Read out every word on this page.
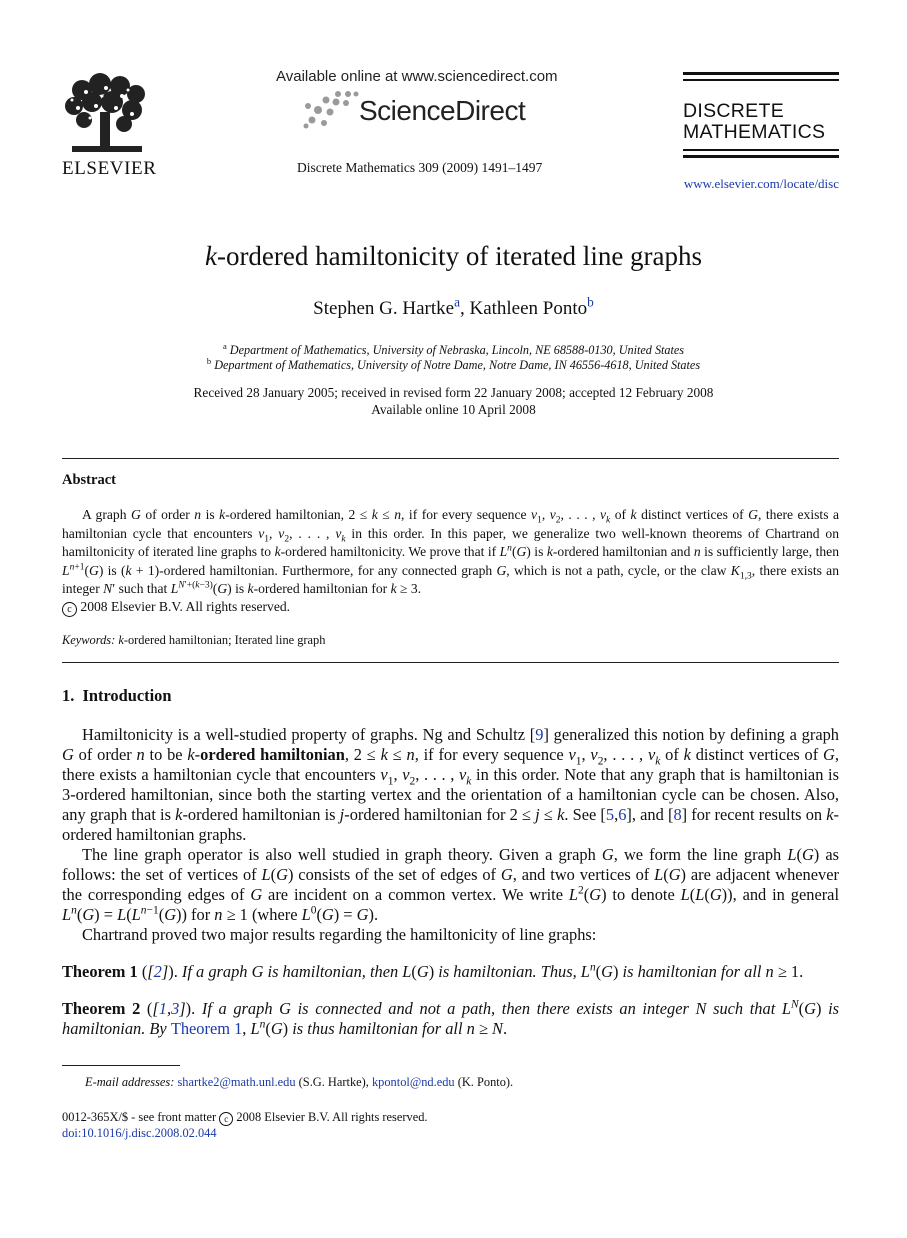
ELSEVIER
Available online at www.sciencedirect.com
ScienceDirect
Discrete Mathematics 309 (2009) 1491–1497
DISCRETE
MATHEMATICS
www.elsevier.com/locate/disc
k-ordered hamiltonicity of iterated line graphs
Stephen G. Hartke$^a$, Kathleen Ponto$^b$
$^a$ Department of Mathematics, University of Nebraska, Lincoln, NE 68588-0130, United States
$^b$ Department of Mathematics, University of Notre Dame, Notre Dame, IN 46556-4618, United States
Received 28 January 2005; received in revised form 22 January 2008; accepted 12 February 2008
Available online 10 April 2008
Abstract
A graph G of order n is k-ordered hamiltonian, 2 ≤ k ≤ n, if for every sequence $v_1$, $v_2$, . . . , $v_k$ of k distinct vertices of G, there exists a hamiltonian cycle that encounters $v_1$, $v_2$, . . . , $v_k$ in this order. In this paper, we generalize two well-known theorems of Chartrand on hamiltonicity of iterated line graphs to k-ordered hamiltonicity. We prove that if $L^n(G)$ is k-ordered hamiltonian and n is sufficiently large, then $L^{n+1}(G)$ is (k + 1)-ordered hamiltonian. Furthermore, for any connected graph G, which is not a path, cycle, or the claw $K_{1,3}$, there exists an integer N′ such that $L^{N'+(k-3)}(G)$ is k-ordered hamiltonian for k ≥ 3.
c 2008 Elsevier B.V. All rights reserved.
Keywords: k-ordered hamiltonian; Iterated line graph
1.  Introduction
Hamiltonicity is a well-studied property of graphs. Ng and Schultz [9] generalized this notion by defining a graph G of order n to be k-ordered hamiltonian, 2 ≤ k ≤ n, if for every sequence $v_1$, $v_2$, . . . , $v_k$ of k distinct vertices of G, there exists a hamiltonian cycle that encounters $v_1$, $v_2$, . . . , $v_k$ in this order. Note that any graph that is hamiltonian is 3-ordered hamiltonian, since both the starting vertex and the orientation of a hamiltonian cycle can be chosen. Also, any graph that is k-ordered hamiltonian is j-ordered hamiltonian for 2 ≤ j ≤ k. See [5,6], and [8] for recent results on k-ordered hamiltonian graphs.
The line graph operator is also well studied in graph theory. Given a graph G, we form the line graph L(G) as follows: the set of vertices of L(G) consists of the set of edges of G, and two vertices of L(G) are adjacent whenever the corresponding edges of G are incident on a common vertex. We write $L^2(G)$ to denote L(L(G)), and in general $L^n(G) = L(L^{n-1}(G))$ for n ≥ 1 (where $L^0(G) = G$).
Chartrand proved two major results regarding the hamiltonicity of line graphs:
Theorem 1 ([2]). If a graph G is hamiltonian, then L(G) is hamiltonian. Thus, $L^n(G)$ is hamiltonian for all n ≥ 1.
Theorem 2 ([1,3]). If a graph G is connected and not a path, then there exists an integer N such that $L^N(G)$ is hamiltonian. By Theorem 1, $L^n(G)$ is thus hamiltonian for all n ≥ N.
E-mail addresses: shartke2@math.unl.edu (S.G. Hartke), kpontol@nd.edu (K. Ponto).
0012-365X/$ - see front matter c 2008 Elsevier B.V. All rights reserved.
doi:10.1016/j.disc.2008.02.044
